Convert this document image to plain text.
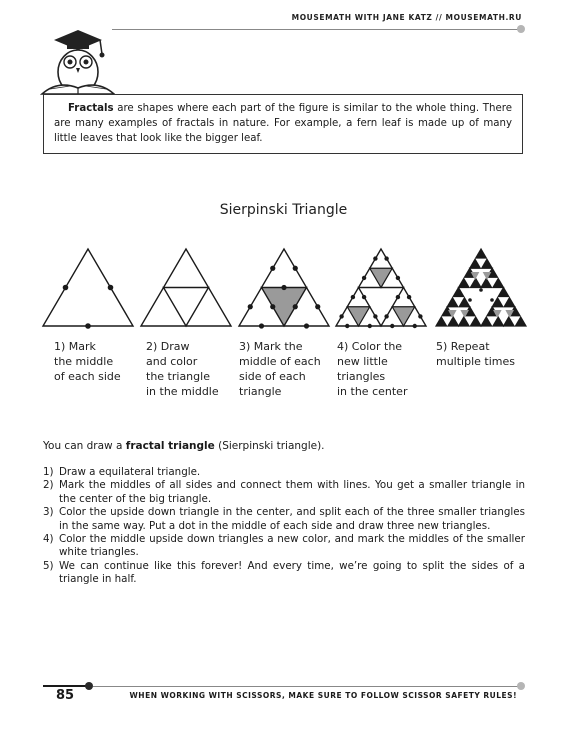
MOUSEMATH WITH JANE KATZ // MOUSEMATH.RU
Fractals are shapes where each part of the figure is similar to the whole thing. There are many examples of fractals in nature. For example, a fern leaf is made up of many little leaves that look like the bigger leaf.
Sierpinski Triangle
1) Mark
the middle
of each side
2) Draw
and color
the triangle
in the middle
3) Mark the
middle of each
side of each
triangle
4) Color the
new little
triangles
in the center
5) Repeat
multiple times
You can draw a fractal triangle (Sierpinski triangle).
1) Draw a equilateral triangle.
2) Mark the middles of all sides and connect them with lines. You get a smaller triangle in the center of the big triangle.
3) Color the upside down triangle in the center, and split each of the three smaller triangles in the same way. Put a dot in the middle of each side and draw three new triangles.
4) Color the middle upside down triangles a new color, and mark the middles of the smaller white triangles.
5) We can continue like this forever! And every time, we’re going to split the sides of a triangle in half.
85	WHEN WORKING WITH SCISSORS, MAKE SURE TO FOLLOW SCISSOR SAFETY RULES!
